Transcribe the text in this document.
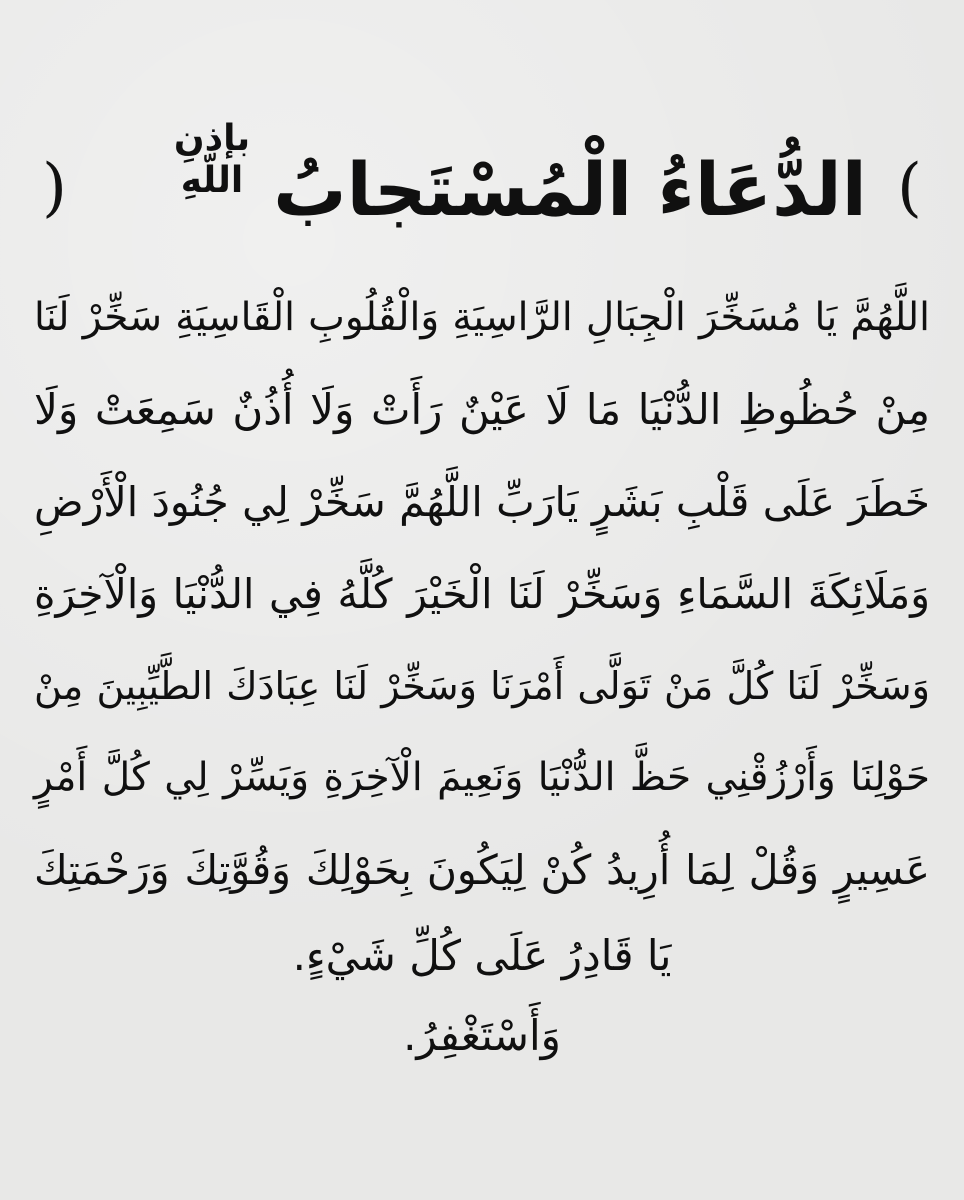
)
بإذنِ
اللّهِ الدُّعَاءُ الْمُسْتَجابُ (
اللَّهُمَّ يَا مُسَخِّرَ الْجِبَالِ الرَّاسِيَةِ وَالْقُلُوبِ الْقَاسِيَةِ سَخِّرْ لَنَا
مِنْ حُظُوظِ الدُّنْيَا مَا لَا عَيْنٌ رَأَتْ وَلَا أُذُنٌ سَمِعَتْ وَلَا
خَطَرَ عَلَى قَلْبِ بَشَرٍ يَارَبِّ اللَّهُمَّ سَخِّرْ لِي جُنُودَ الْأَرْضِ
وَمَلَائِكَةَ السَّمَاءِ وَسَخِّرْ لَنَا الْخَيْرَ كُلَّهُ فِي الدُّنْيَا وَالْآخِرَةِ
وَسَخِّرْ لَنَا كُلَّ مَنْ تَوَلَّى أَمْرَنَا وَسَخِّرْ لَنَا عِبَادَكَ الطَّيِّبِينَ مِنْ
حَوْلِنَا وَأَرْزُقْنِي حَظَّ الدُّنْيَا وَنَعِيمَ الْآخِرَةِ وَيَسِّرْ لِي كُلَّ أَمْرٍ
عَسِيرٍ وَقُلْ لِمَا أُرِيدُ كُنْ لِيَكُونَ بِحَوْلِكَ وَقُوَّتِكَ وَرَحْمَتِكَ
يَا قَادِرُ عَلَى كُلِّ شَيْءٍ.
وَأَسْتَغْفِرُ.
